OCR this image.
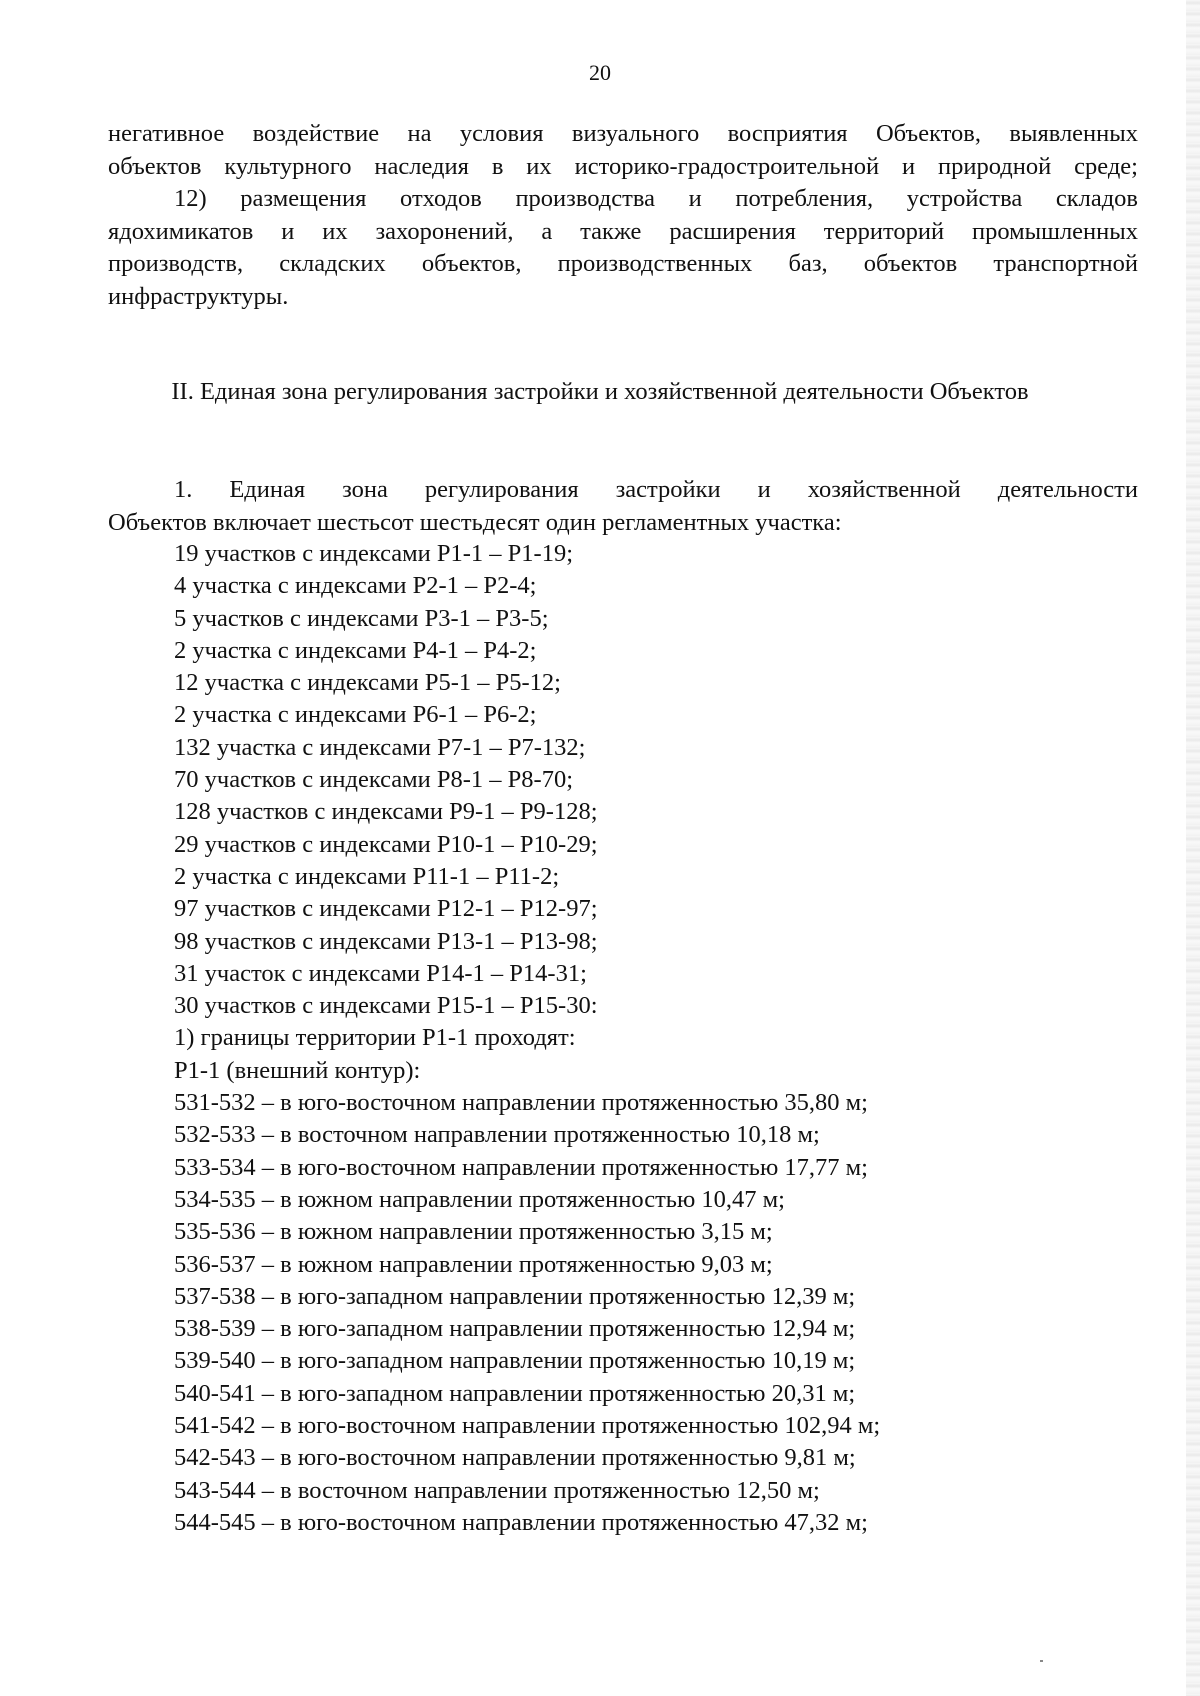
20
негативное воздействие на условия визуального восприятия Объектов, выявленных
объектов культурного наследия в их историко-градостроительной и природной среде;
12) размещения отходов производства и потребления, устройства складов
ядохимикатов и их захоронений, а также расширения территорий промышленных
производств, складских объектов, производственных баз, объектов транспортной
инфраструктуры.
II. Единая зона регулирования застройки и хозяйственной деятельности Объектов
1. Единая зона регулирования застройки и хозяйственной деятельности
Объектов включает шестьсот шестьдесят один регламентных участка:
19 участков с индексами Р1-1 – Р1-19;
4 участка с индексами Р2-1 – Р2-4;
5 участков с индексами Р3-1 – Р3-5;
2 участка с индексами Р4-1 – Р4-2;
12 участка с индексами Р5-1 – Р5-12;
2 участка с индексами Р6-1 – Р6-2;
132 участка с индексами Р7-1 – Р7-132;
70 участков с индексами Р8-1 – Р8-70;
128 участков с индексами Р9-1 – Р9-128;
29 участков с индексами Р10-1 – Р10-29;
2 участка с индексами Р11-1 – Р11-2;
97 участков с индексами Р12-1 – Р12-97;
98 участков с индексами Р13-1 – Р13-98;
31 участок с индексами Р14-1 – Р14-31;
30 участков с индексами Р15-1 – Р15-30:
1) границы территории Р1-1 проходят:
Р1-1 (внешний контур):
531-532 – в юго-восточном направлении протяженностью 35,80 м;
532-533 – в восточном направлении протяженностью 10,18 м;
533-534 – в юго-восточном направлении протяженностью 17,77 м;
534-535 – в южном направлении протяженностью 10,47 м;
535-536 – в южном направлении протяженностью 3,15 м;
536-537 – в южном направлении протяженностью 9,03 м;
537-538 – в юго-западном направлении протяженностью 12,39 м;
538-539 – в юго-западном направлении протяженностью 12,94 м;
539-540 – в юго-западном направлении протяженностью 10,19 м;
540-541 – в юго-западном направлении протяженностью 20,31 м;
541-542 – в юго-восточном направлении протяженностью 102,94 м;
542-543 – в юго-восточном направлении протяженностью 9,81 м;
543-544 – в восточном направлении протяженностью 12,50 м;
544-545 – в юго-восточном направлении протяженностью 47,32 м;
